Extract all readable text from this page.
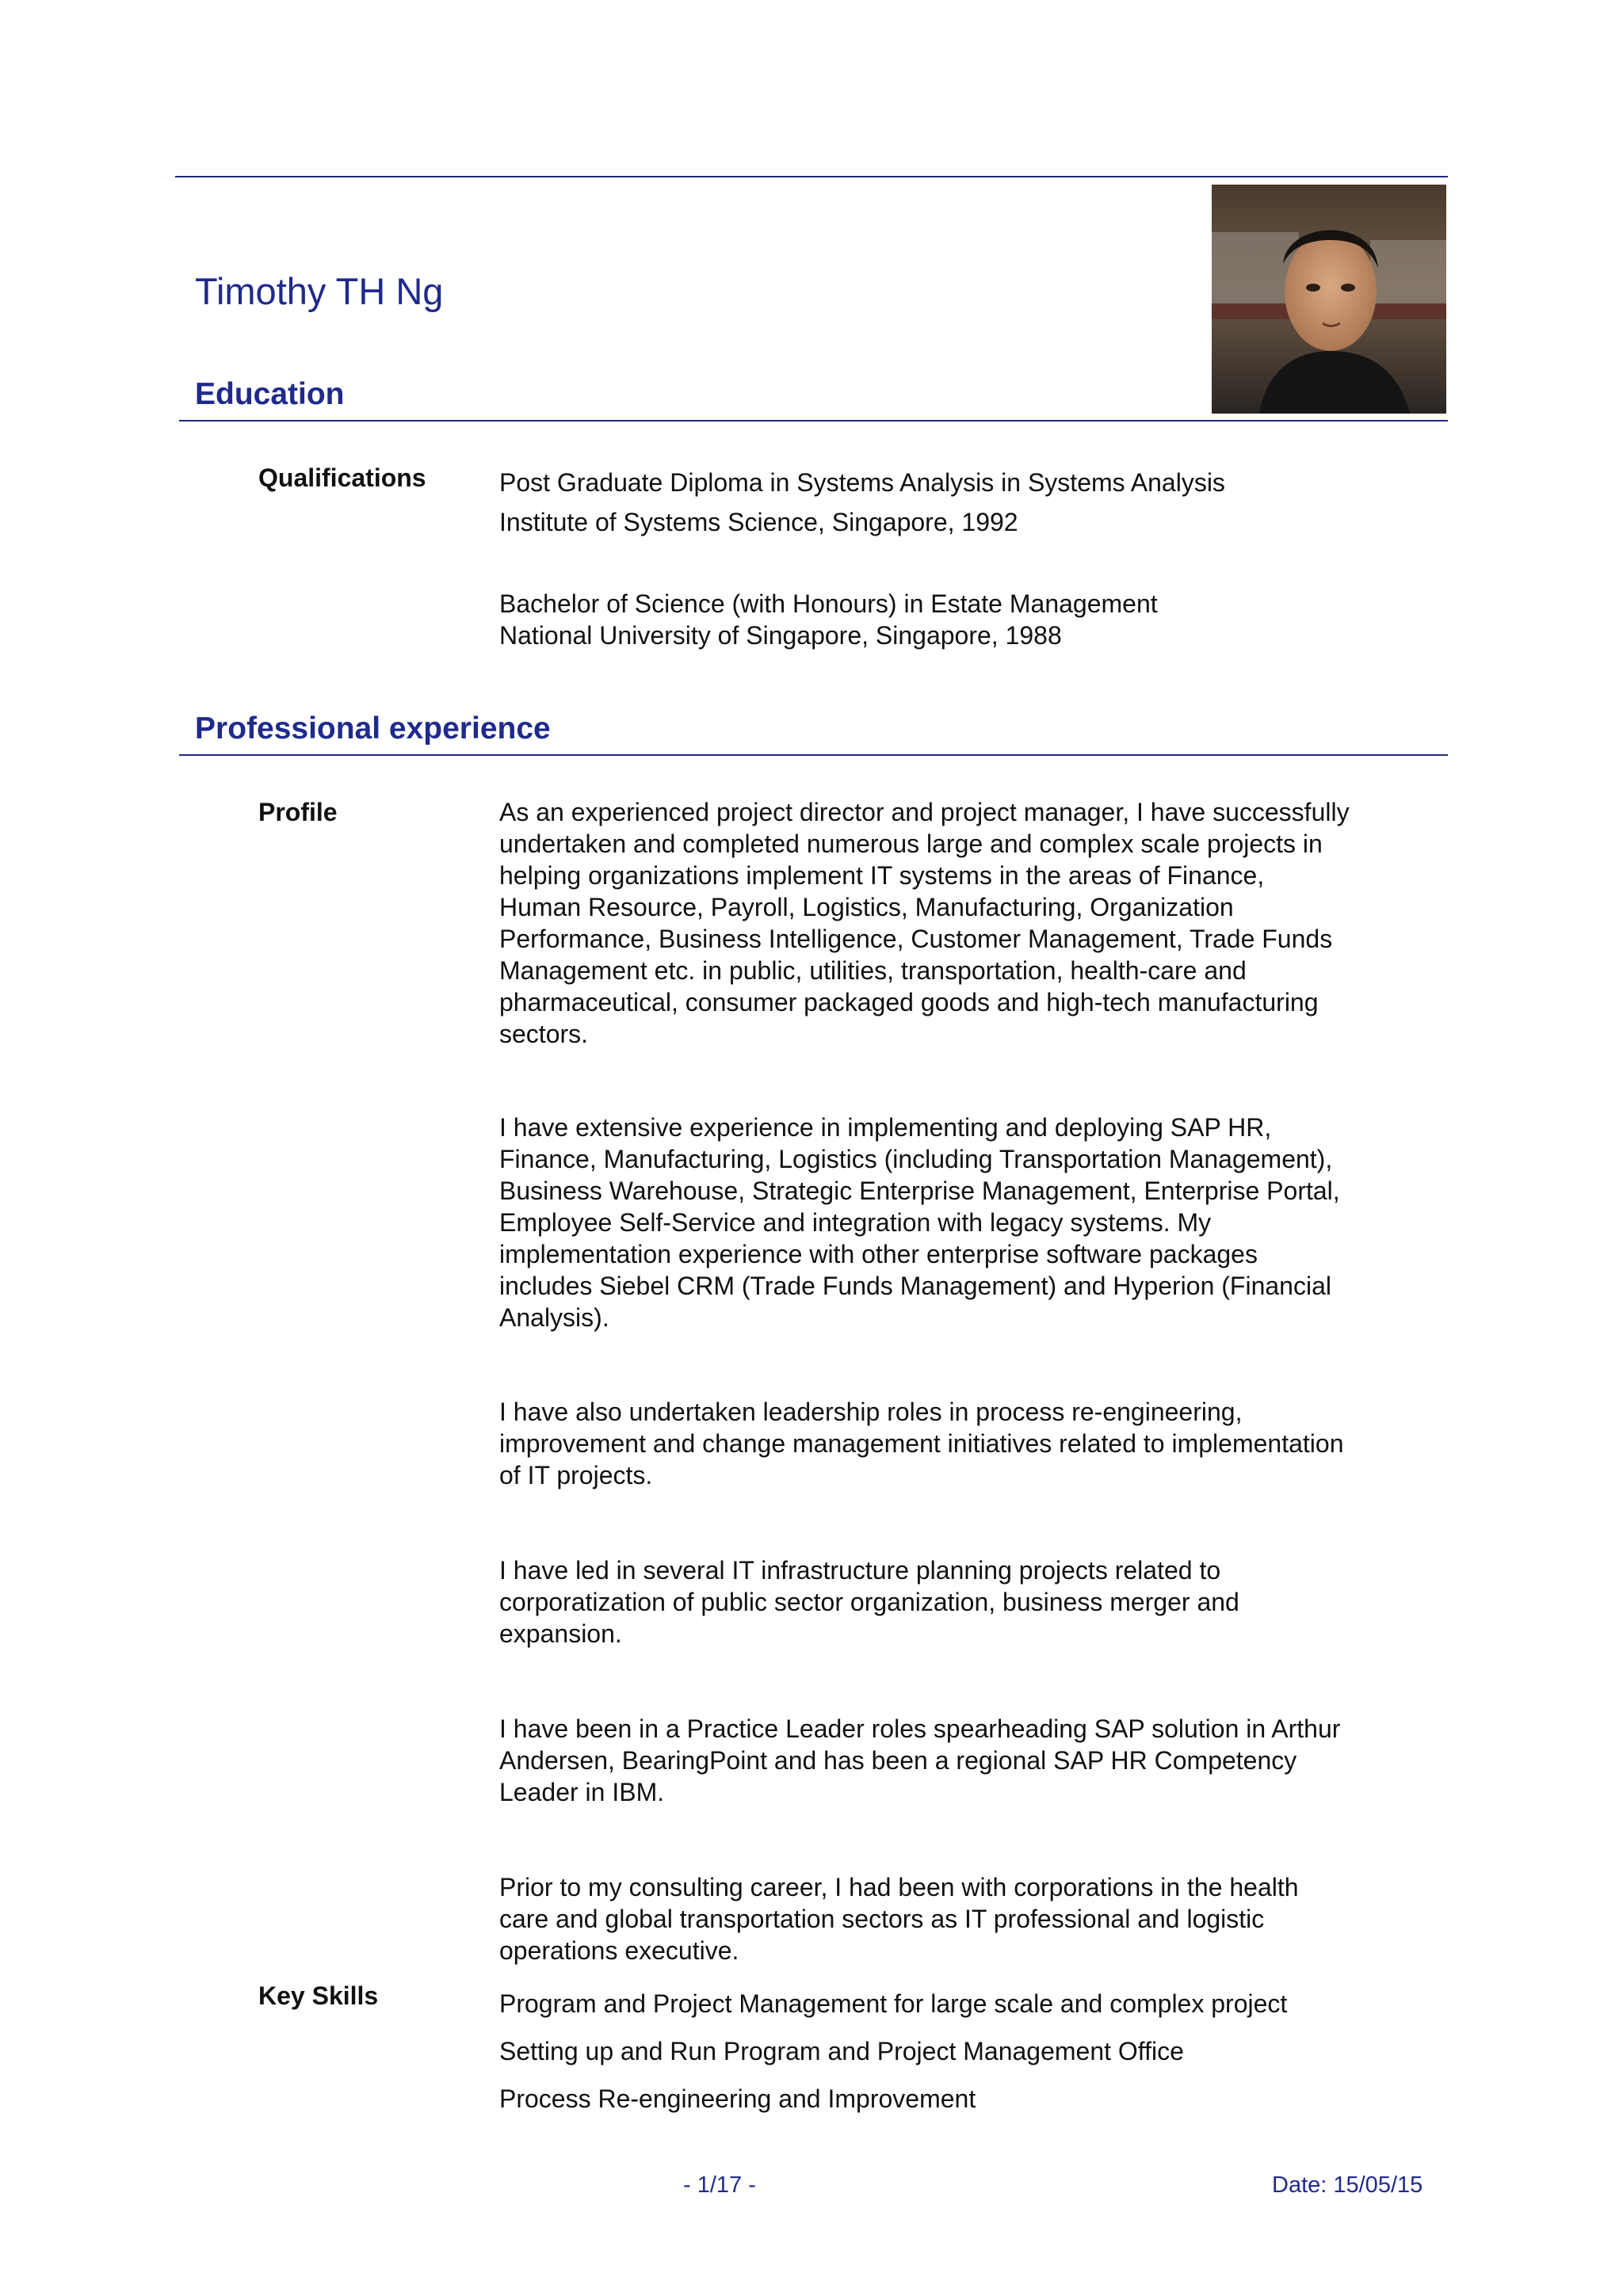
Timothy TH Ng
Education
Qualifications	Post Graduate Diploma in Systems Analysis in Systems Analysis
Institute of Systems Science, Singapore, 1992
Bachelor of Science (with Honours) in Estate Management
National University of Singapore, Singapore, 1988
Professional experience
Profile	As an experienced project director and project manager, I have successfully
undertaken and completed numerous large and complex scale projects in
helping organizations implement IT systems in the areas of Finance,
Human Resource, Payroll, Logistics, Manufacturing, Organization
Performance, Business Intelligence, Customer Management, Trade Funds
Management etc. in public, utilities, transportation, health-care and
pharmaceutical, consumer packaged goods and high-tech manufacturing
sectors.
I have extensive experience in implementing and deploying SAP HR,
Finance, Manufacturing, Logistics (including Transportation Management),
Business Warehouse, Strategic Enterprise Management, Enterprise Portal,
Employee Self-Service and integration with legacy systems. My
implementation experience with other enterprise software packages
includes Siebel CRM (Trade Funds Management) and Hyperion (Financial
Analysis).
I have also undertaken leadership roles in process re-engineering,
improvement and change management initiatives related to implementation
of IT projects.
I have led in several IT infrastructure planning projects related to
corporatization of public sector organization, business merger and
expansion.
I have been in a Practice Leader roles spearheading SAP solution in Arthur
Andersen, BearingPoint and has been a regional SAP HR Competency
Leader in IBM.
Prior to my consulting career, I had been with corporations in the health
care and global transportation sectors as IT professional and logistic
operations executive.
Key Skills	Program and Project Management for large scale and complex project
Setting up and Run Program and Project Management Office
Process Re-engineering and Improvement
- 1/17 -	Date: 15/05/15
